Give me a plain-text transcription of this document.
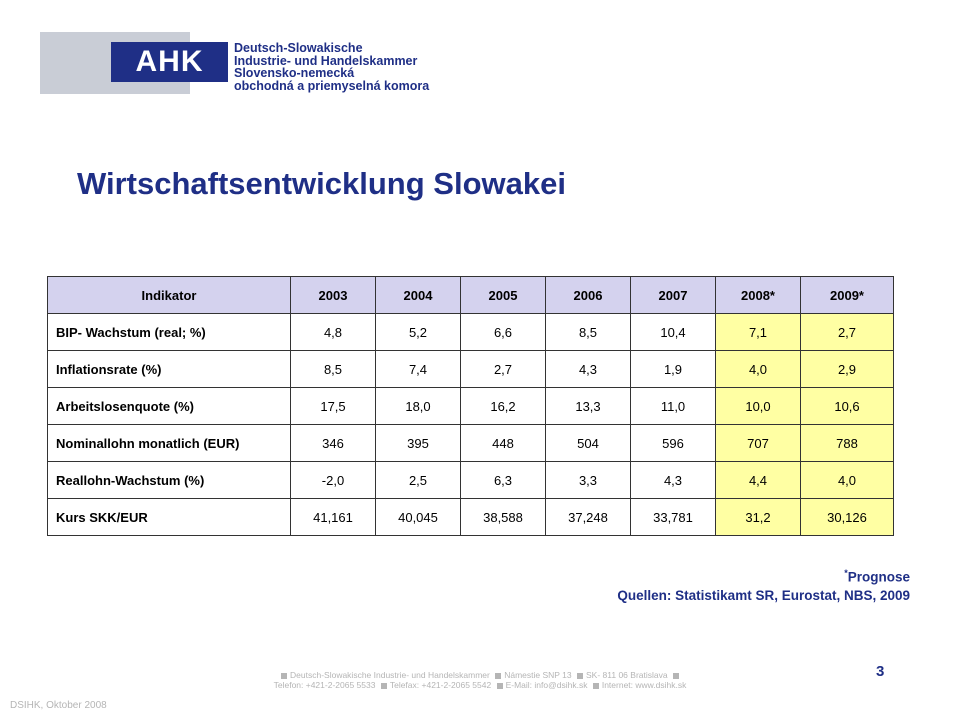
AHK	Deutsch-Slowakische
Industrie- und Handelskammer
Slovensko-nemecká
obchodná a priemyselná komora
Wirtschaftsentwicklung Slowakei
Indikator	2003	2004	2005	2006	2007	2008*	2009*
BIP- Wachstum (real; %)	4,8	5,2	6,6	8,5	10,4	7,1	2,7
Inflationsrate (%)	8,5	7,4	2,7	4,3	1,9	4,0	2,9
Arbeitslosenquote (%)	17,5	18,0	16,2	13,3	11,0	10,0	10,6
Nominallohn monatlich (EUR)	346	395	448	504	596	707	788
Reallohn-Wachstum (%)	-2,0	2,5	6,3	3,3	4,3	4,4	4,0
Kurs SKK/EUR	41,161	40,045	38,588	37,248	33,781	31,2	30,126
*Prognose
Quellen: Statistikamt SR, Eurostat, NBS, 2009
Deutsch-Slowakische Industrie- und Handelskammer Námestie SNP 13 SK- 811 06 Bratislava
Telefon: +421-2-2065 5533 Telefax: +421-2-2065 5542 E-Mail: info@dsihk.sk Internet: www.dsihk.sk
3
DSIHK, Oktober 2008
